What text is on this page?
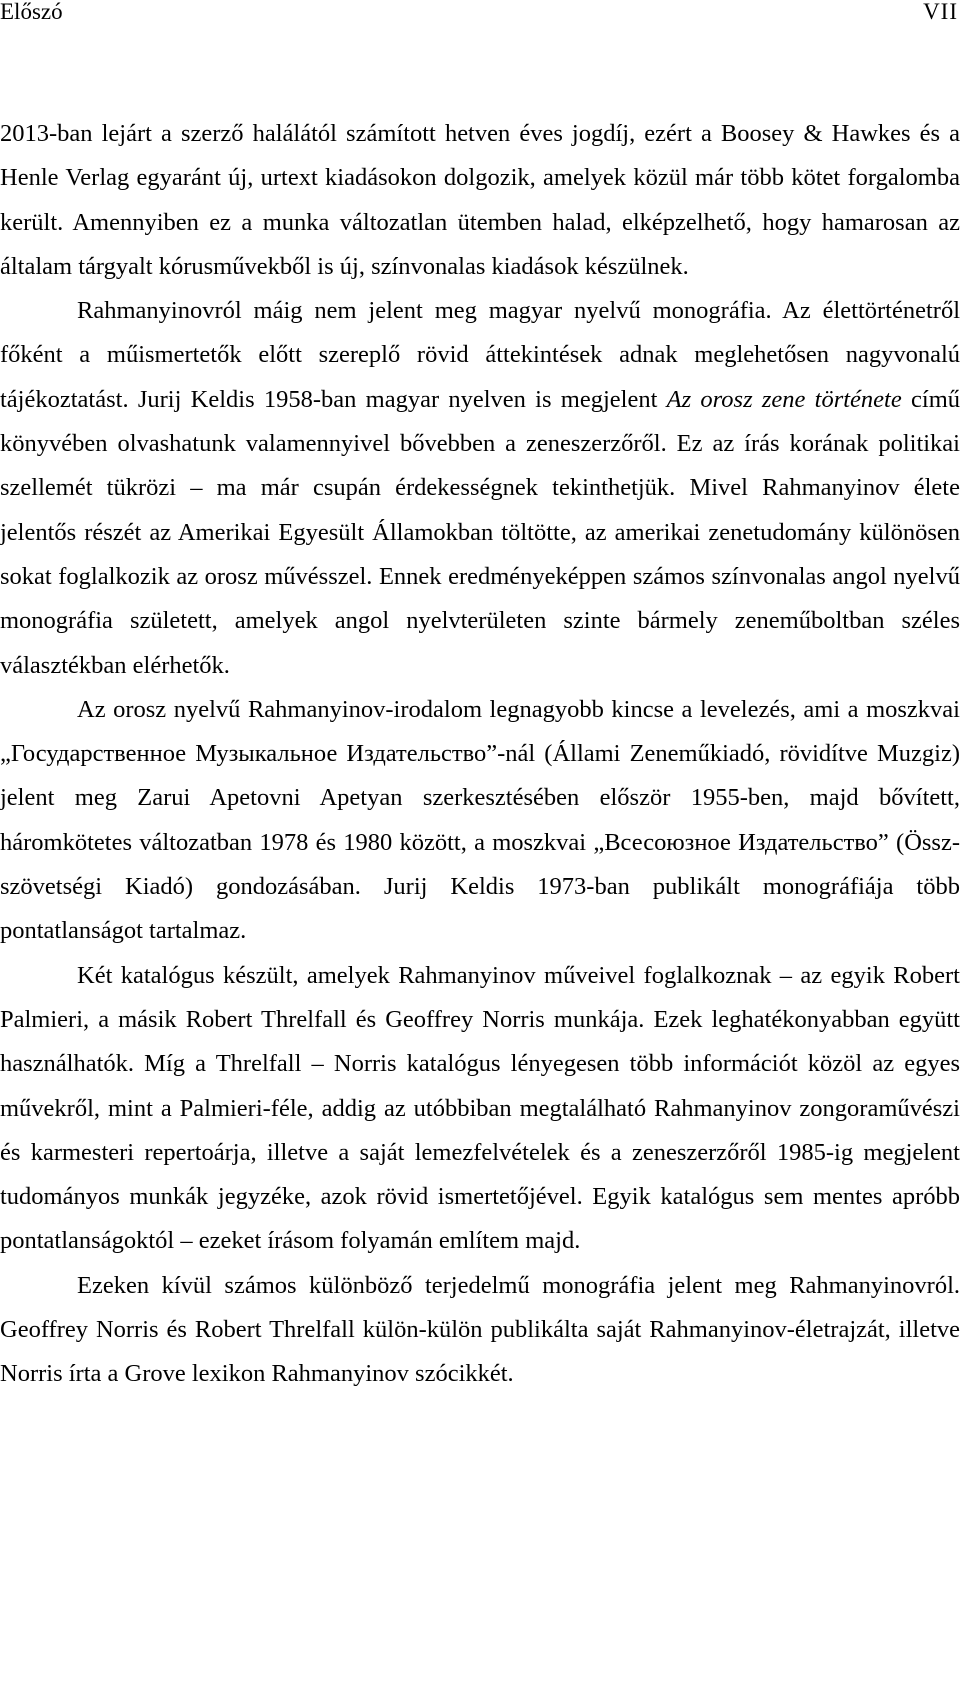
Előszó	VII

2013-ban lejárt a szerző halálától számított hetven éves jogdíj, ezért a Boosey & Hawkes és a Henle Verlag egyaránt új, urtext kiadásokon dolgozik, amelyek közül már több kötet forgalomba került. Amennyiben ez a munka változatlan ütemben halad, elképzelhető, hogy hamarosan az általam tárgyalt kórusművekből is új, színvonalas kiadások készülnek.

Rahmanyinovról máig nem jelent meg magyar nyelvű monográfia. Az élettörténetről főként a műismertetők előtt szereplő rövid áttekintések adnak meglehetősen nagyvonalú tájékoztatást. Jurij Keldis 1958-ban magyar nyelven is megjelent Az orosz zene története című könyvében olvashatunk valamennyivel bővebben a zeneszerzőről. Ez az írás korának politikai szellemét tükrözi – ma már csupán érdekességnek tekinthetjük. Mivel Rahmanyinov élete jelentős részét az Amerikai Egyesült Államokban töltötte, az amerikai zenetudomány különösen sokat foglalkozik az orosz művésszel. Ennek eredményeképpen számos színvonalas angol nyelvű monográfia született, amelyek angol nyelvterületen szinte bármely zeneműboltban széles választékban elérhetők.

Az orosz nyelvű Rahmanyinov-irodalom legnagyobb kincse a levelezés, ami a moszkvai „Государственное Музыкальное Издательство”-nál (Állami Zeneműkiadó, rövidítve Muzgiz) jelent meg Zarui Apetovni Apetyan szerkesztésében először 1955-ben, majd bővített, háromkötetes változatban 1978 és 1980 között, a moszkvai „Всесоюзное Издательство” (Össz-szövetségi Kiadó) gondozásában. Jurij Keldis 1973-ban publikált monográfiája több pontatlanságot tartalmaz.

Két katalógus készült, amelyek Rahmanyinov műveivel foglalkoznak – az egyik Robert Palmieri, a másik Robert Threlfall és Geoffrey Norris munkája. Ezek leghatékonyabban együtt használhatók. Míg a Threlfall – Norris katalógus lényegesen több információt közöl az egyes művekről, mint a Palmieri-féle, addig az utóbbiban megtalálható Rahmanyinov zongoraművészi és karmesteri repertoárja, illetve a saját lemezfelvételek és a zeneszerzőről 1985-ig megjelent tudományos munkák jegyzéke, azok rövid ismertetőjével. Egyik katalógus sem mentes apróbb pontatlanságoktól – ezeket írásom folyamán említem majd.

Ezeken kívül számos különböző terjedelmű monográfia jelent meg Rahmanyinovról. Geoffrey Norris és Robert Threlfall külön-külön publikálta saját Rahmanyinov-életrajzát, illetve Norris írta a Grove lexikon Rahmanyinov szócikkét.
